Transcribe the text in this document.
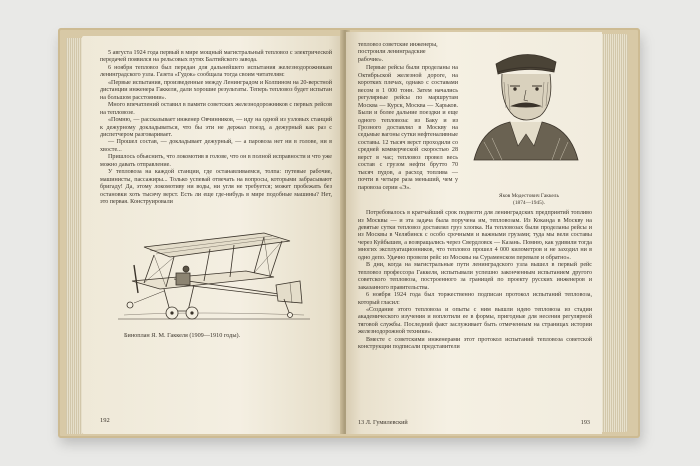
5 августа 1924 года первый в мире мощный магистральный тепловоз с электрической передачей появился на рельсовых путях Балтийского завода.

6 ноября тепловоз был передан для дальнейшего испытания железнодорожникам ленинградского узла. Газета «Гудок» сообщала тогда своим читателям:

«Первые испытания, произведенные между Ленинградом и Колпином на 20-верстной дистанции инженера Гаккеля, дали хорошие результаты. Теперь тепловоз будет испытан на большом расстоянии».

Много впечатлений оставил в памяти советских железнодорожников с первых рейсов на тепловозе.

«Помню, — рассказывает инженер Овчинников, — иду на одной из узловых станций к дежурному докладываться, что бы эти не держал поезд, а дежурный как раз с диспетчером разговаривает.

— Прошел состав, — докладывает дежурный, — а паровоза нет ни в голове, ни в хвосте...

Пришлось объяснить, что локомотив в голове, что он в полной исправности и что уже можно давать отправление.

У тепловоза на каждой станции, где останавливаемся, толпа: путевые рабочие, машинисты, пассажиры... Только успевай отвечать на вопросы, которыми забрасывают бригаду! Да, этому локомотиву ни воды, ни угля не требуется; может пробежать без остановки хоть тысячу верст. Есть ли еще где-нибудь в мире подобные машины? Нет, это первая. Конструировали

Биноплан Я. М. Гаккеля (1909—1910 годы).
192
тепловоз советские инженеры,
построили ленинградские
рабочие».

Первые рейсы были проделаны на Октябрьской железной дороге, на коротких плечах, однако с составами весом в 1 000 тонн. Затем начались регулярные рейсы по маршрутам Москва — Курск, Москва — Харьков. Были и более дальние поездки и еще одного тепловоза: из Баку и из Грозного доставлял в Москву на седьмые вагоны сутки нефтеналивные составы. 12 тысяч верст проходили со средней коммерческой скоростью 28 верст в час; тепловоз провел весь состав с грузом нефти брутто 70 тысяч пудов, а расход топлива — почти в четыре раза меньший, чем у паровоза серии «Э».

Яков Модестович Гаккель
(1874—1945).

Потребовалось в кратчайший срок подвезти для ленинградских предприятий топливо из Москвы — и эта задача была поручена им, тепловозам. Из Коканда в Москву на девятые сутки тепловоз доставлял груз хлопка. На тепловозах были проделаны рейсы и из Москвы в Челябинск с особо срочными и важными грузами; туда мы вели составы через Куйбышев, а возвращались через Свердловск — Казань. Помню, как удивили тогда многих эксплуатационников, что тепловоз прошел 4 000 километров и не заходил ни в одно депо. Удачно провели рейс из Москвы на Сураменском перевале и обратно».

В дни, когда на магистральные пути ленинградского узла вышел в первый рейс тепловоз профессора Гаккеля, испытывали успешно законченным испытанием другого советского тепловоза, построенного за границей по проекту русских инженеров и заказанного правительства.

6 ноября 1924 года был торжественно подписан протокол испытаний тепловоза, который гласил:

«Создание этого тепловоза и опыты с ним вышли идею тепловоза из стадии академического изучения и воплотили ее в формы, пригодные для несения регулярной тяговой службы. Последний факт заслуживает быть отмеченным на страницах истории железнодорожной техники».

Вместе с советскими инженерами этот протокол испытаний тепловоза советской конструкции подписали представители

13 Л. Гумилевский	193
